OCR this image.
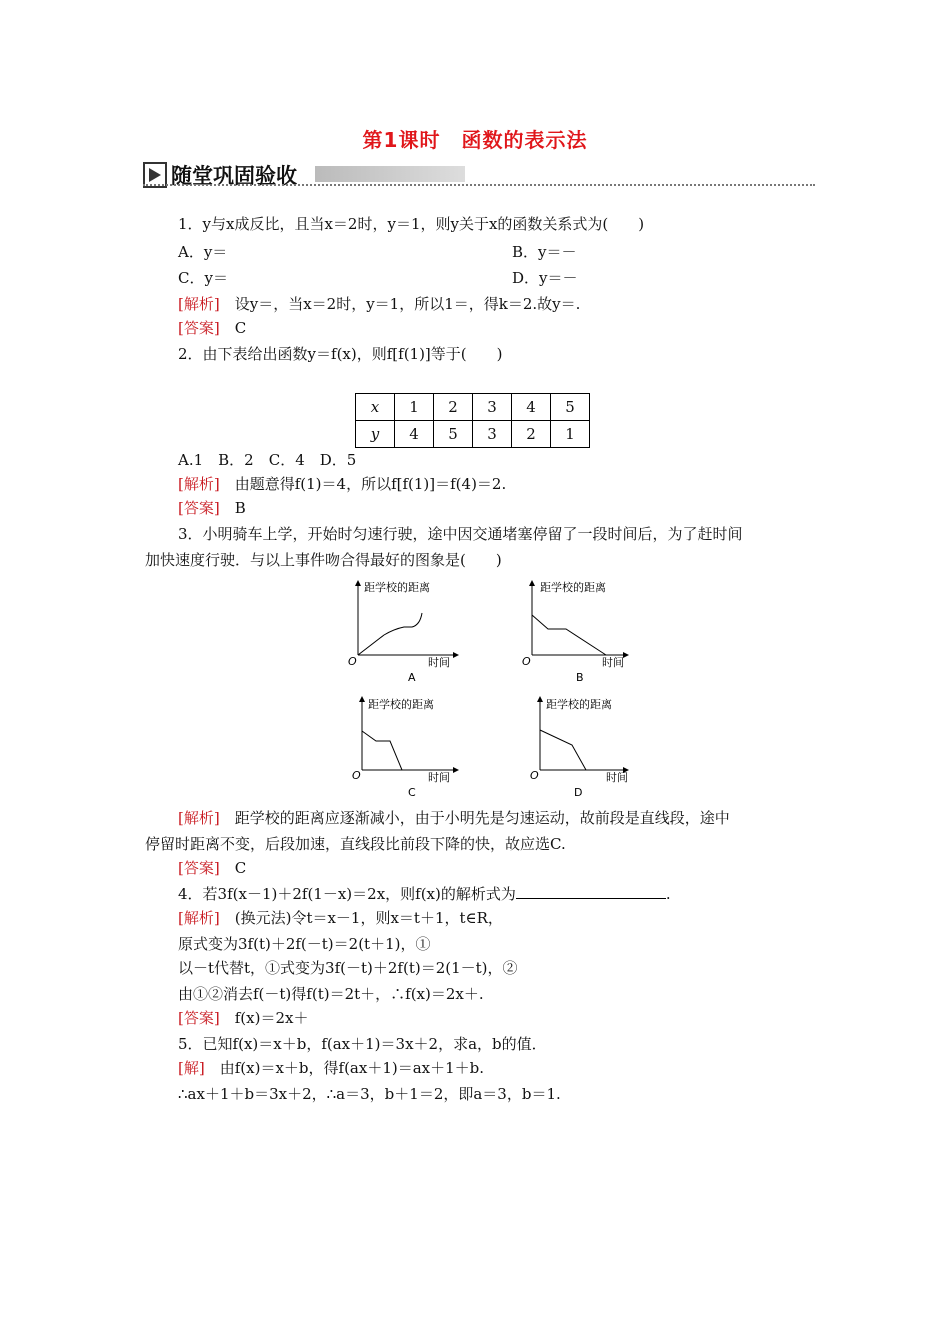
第1课时　函数的表示法
随堂巩固验收
1．y与x成反比，且当x＝2时，y＝1，则y关于x的函数关系式为(　　)
A．y＝	B．y＝－
C．y＝	D．y＝－
[解析]　 设y＝，当x＝2时，y＝1，所以1＝，得k＝2.故y＝.
[答案]　 C
2．由下表给出函数y＝f(x)，则f[f(1)]等于(　　)
x	1	2	3	4	5
y	4	5	3	2	1
A.1　B．2　C．4　D．5
[解析]　 由题意得f(1)＝4，所以f[f(1)]＝f(4)＝2.
[答案]　 B
3．小明骑车上学，开始时匀速行驶，途中因交通堵塞停留了一段时间后，为了赶时间
加快速度行驶．与以上事件吻合得最好的图象是(　　)
距学校的距离
时间
O
A
距学校的距离
时间
O
B
距学校的距离
时间
O
C
距学校的距离
时间
O
D
[解析]　 距学校的距离应逐渐减小，由于小明先是匀速运动，故前段是直线段，途中
停留时距离不变，后段加速，直线段比前段下降的快，故应选C.
[答案]　 C
4．若3f(x－1)＋2f(1－x)＝2x，则f(x)的解析式为	.
[解析]　 (换元法)令t＝x－1，则x＝t＋1，t∈R，
原式变为3f(t)＋2f(－t)＝2(t＋1)，①
以－t代替t，①式变为3f(－t)＋2f(t)＝2(1－t)，②
由①②消去f(－t)得f(t)＝2t＋，∴f(x)＝2x＋.
[答案]　 f(x)＝2x＋
5．已知f(x)＝x＋b，f(ax＋1)＝3x＋2，求a，b的值．
[解]　 由f(x)＝x＋b，得f(ax＋1)＝ax＋1＋b.
∴ax＋1＋b＝3x＋2，∴a＝3，b＋1＝2，即a＝3，b＝1.
